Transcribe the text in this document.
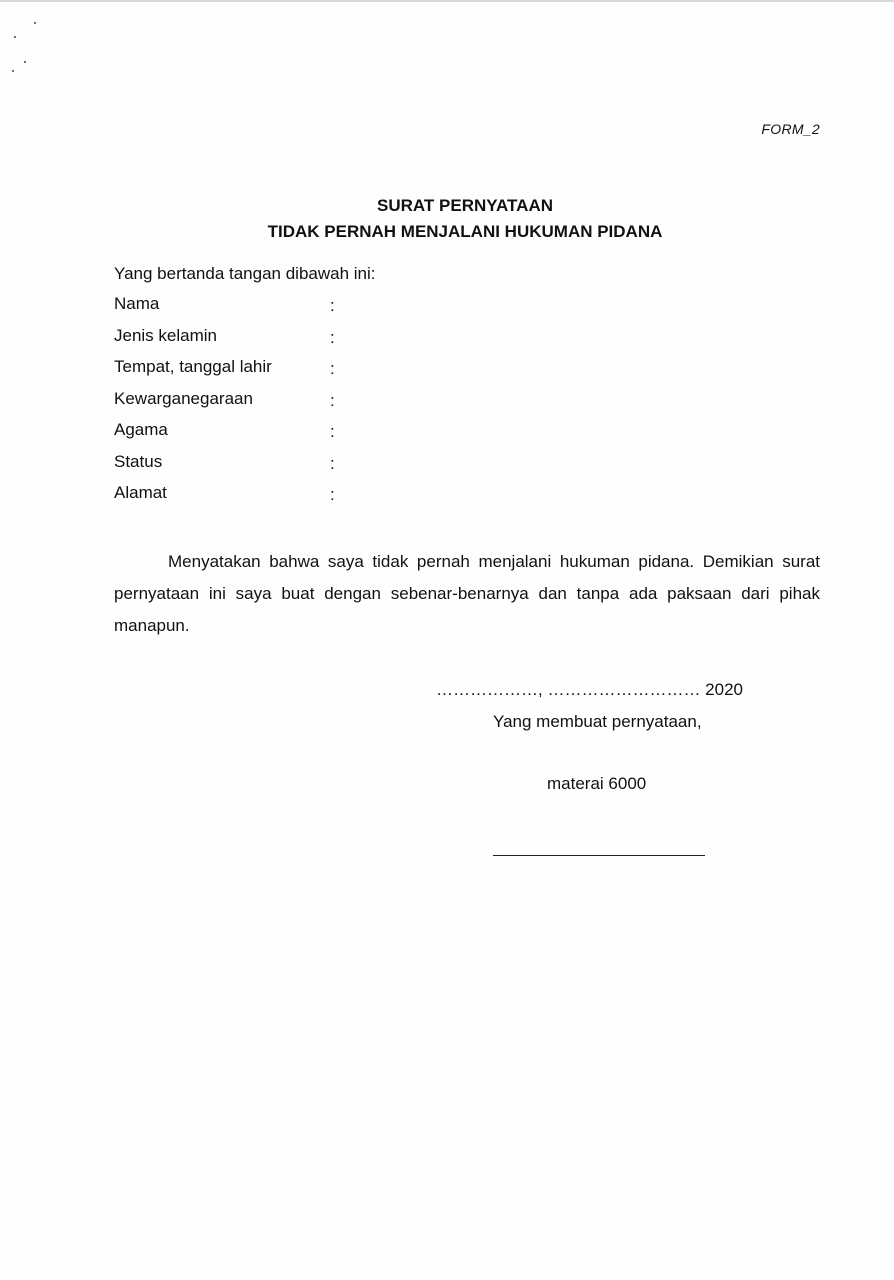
FORM_2
SURAT PERNYATAAN
TIDAK PERNAH MENJALANI HUKUMAN PIDANA
Yang bertanda tangan dibawah ini:
Nama	:
Jenis kelamin	:
Tempat, tanggal lahir	:
Kewarganegaraan	:
Agama	:
Status	:
Alamat	:

Menyatakan bahwa saya tidak pernah menjalani hukuman pidana. Demikian surat pernyataan ini saya buat dengan sebenar-benarnya dan tanpa ada paksaan dari pihak manapun.

………………, ……………………… 2020
Yang membuat pernyataan,
materai 6000
